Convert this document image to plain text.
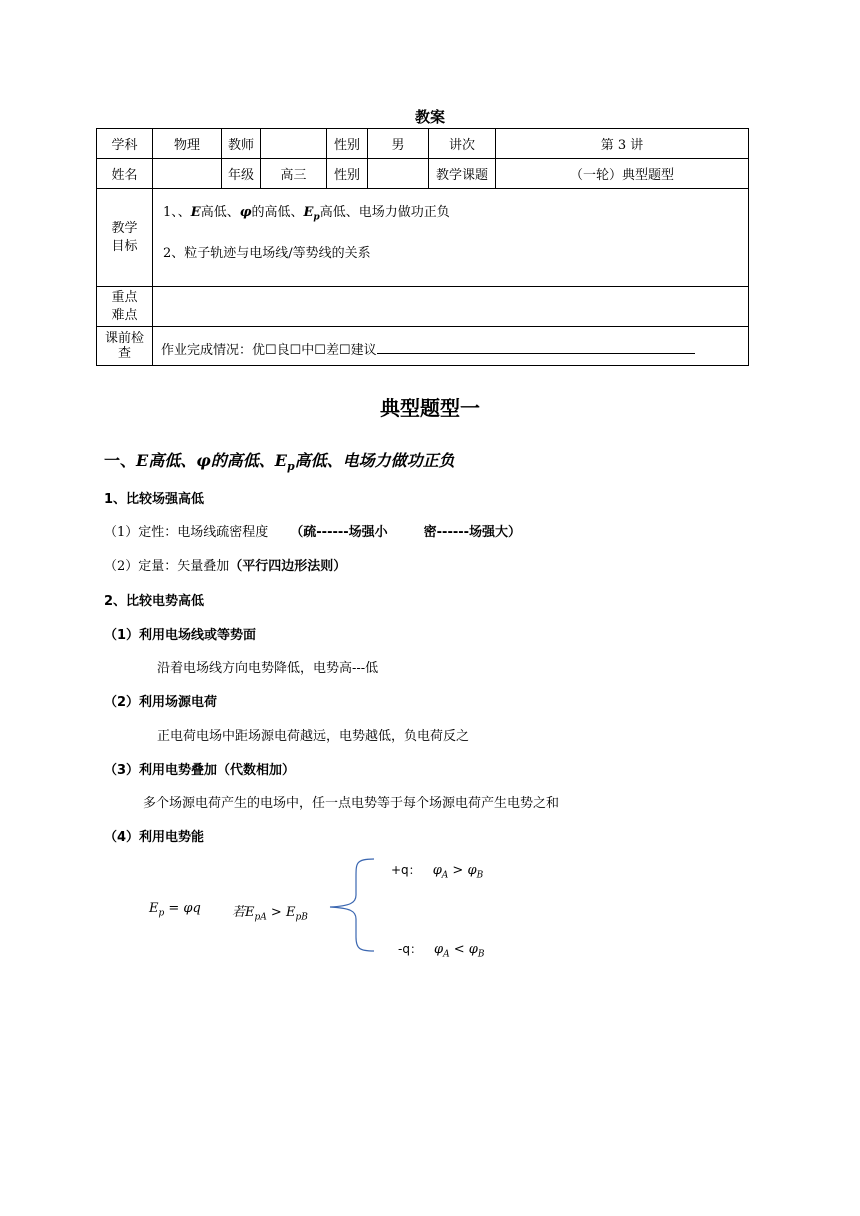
教案
学科	物理	教师		性别	男	讲次	第 3 讲
姓名		年级	高三	性别		教学课题	（一轮）典型题型

教学
目标	1、、E高低、φ的高低、$E_p$高低、电场力做功正负
2、粒子轨迹与电场线/等势线的关系						

重点
难点							

课前检
查	作业完成情况：优☐良☐中☐差☐建议						
典型题型一
一、E高低、φ的高低、$E_p$高低、电场力做功正负
1、比较场强高低
（1）定性：电场线疏密程度 （疏------场强小	密------场强大）
（2）定量：矢量叠加（平行四边形法则）
2、比较电势高低
（1）利用电场线或等势面
沿着电场线方向电势降低，电势高---低
（2）利用场源电荷
正电荷电场中距场源电荷越远，电势越低，负电荷反之
（3）利用电势叠加（代数相加）
多个场源电荷产生的电场中，任一点电势等于每个场源电荷产生电势之和
（4）利用电势能
$E_p = \varphi q$ 若$E_{pA} > E_{pB}$
+q： $\varphi_A > \varphi_B$
-q： $\varphi_A < \varphi_B$
